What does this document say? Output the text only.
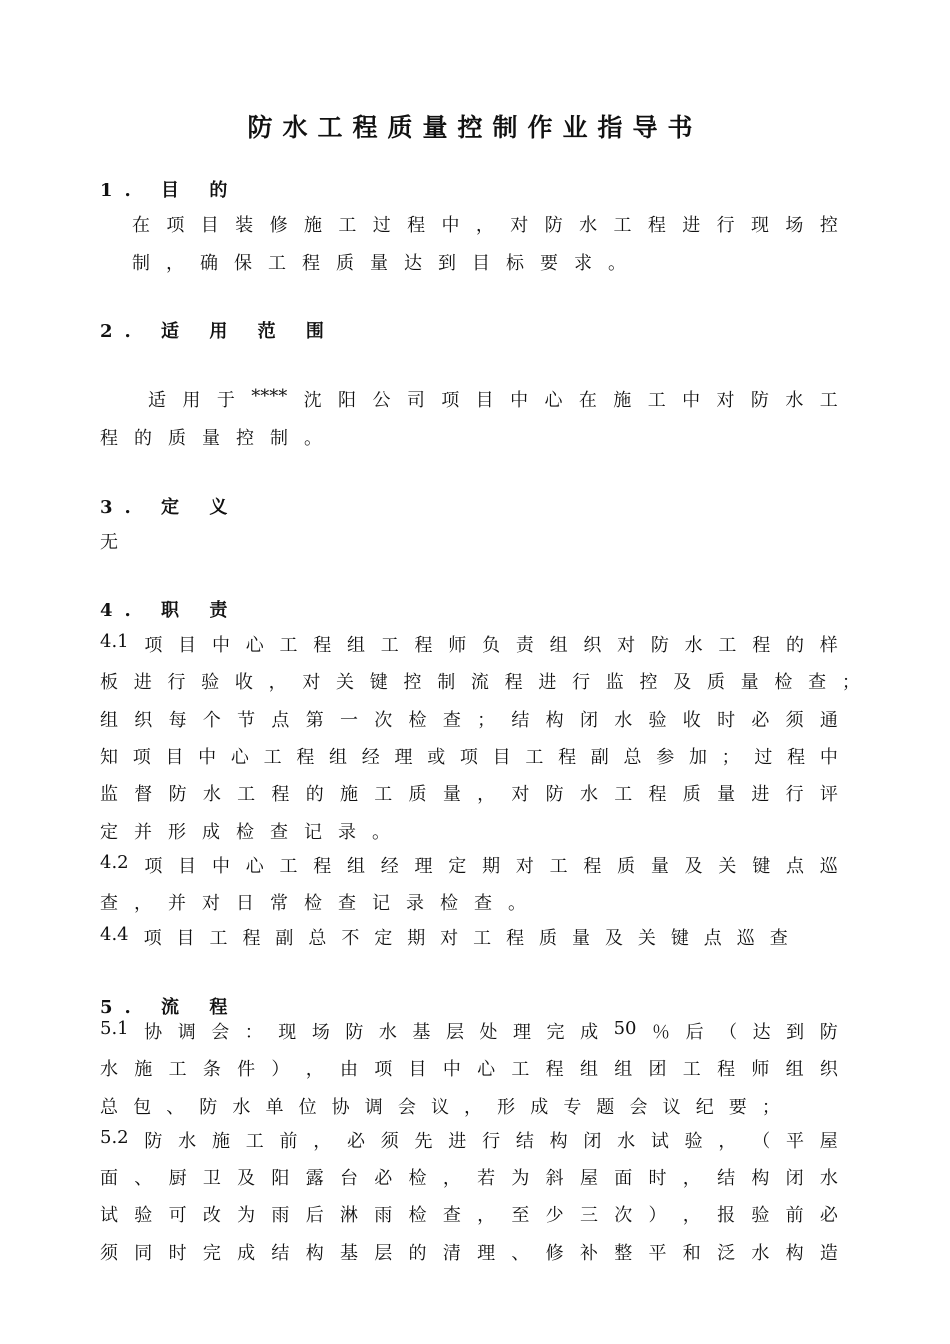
防水工程质量控制作业指导书
1. 目 的
在 项 目 装 修 施 工 过 程 中 ， 对 防 水 工 程 进 行 现 场 控
制，确保工程质量达到目标要求。
2. 适 用 范 围
适 用 于 **** 沈 阳 公 司 项 目 中 心 在 施 工 中 对 防 水 工
程的质量控制。
3. 定 义
无
4. 职 责
4.1 项 目 中 心 工 程 组 工 程 师 负 责 组 织 对 防 水 工 程 的 样
板 进 行 验 收 ， 对 关 键 控 制 流 程 进 行 监 控 及 质 量 检 查 ；
组 织 每 个 节 点 第 一 次 检 查 ； 结 构 闭 水 验 收 时 必 须 通
知 项 目 中 心 工 程 组 经 理 或 项 目 工 程 副 总 参 加 ； 过 程 中
监 督 防 水 工 程 的 施 工 质 量 ， 对 防 水 工 程 质 量 进 行 评
定并形成检查记录。
4.2 项 目 中 心 工 程 组 经 理 定 期 对 工 程 质 量 及 关 键 点 巡
查，并对日常检查记录检查。
4.4 项 目 工 程 副 总 不 定 期 对 工 程 质 量 及 关 键 点 巡 查
5. 流 程
5.1 协 调 会 ： 现 场 防 水 基 层 处 理 完 成 50 ％ 后 （ 达 到 防
水 施 工 条 件 ） ， 由 项 目 中 心 工 程 组 组 团 工 程 师 组 织
总 包 、 防 水 单 位 协 调 会 议 ， 形 成 专 题 会 议 纪 要 ；
5.2 防 水 施 工 前 ， 必 须 先 进 行 结 构 闭 水 试 验 ， （ 平 屋
面 、 厨 卫 及 阳 露 台 必 检 ， 若 为 斜 屋 面 时 ， 结 构 闭 水
试 验 可 改 为 雨 后 淋 雨 检 查 ， 至 少 三 次 ） ， 报 验 前 必
须 同 时 完 成 结 构 基 层 的 清 理 、 修 补 整 平 和 泛 水 构 造
